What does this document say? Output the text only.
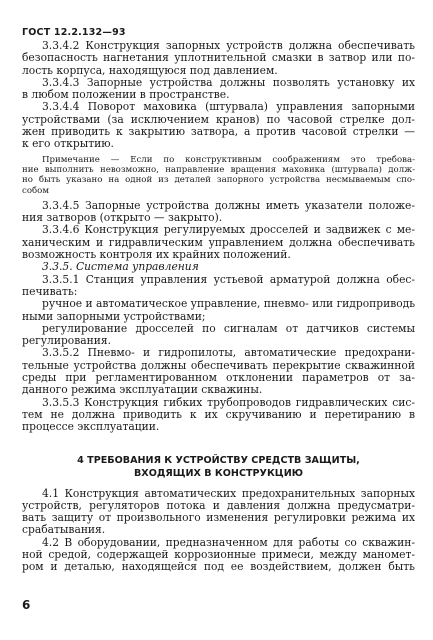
ГОСТ 12.2.132—93
3.3.4.2 Конструкция запорных устройств должна обеспечивать
безопасность нагнетания уплотнительной смазки в затвор или по-
лость корпуса, находящуюся под давлением.
3.3.4.3 Запорные устройства должны позволять установку их
в любом положении в пространстве.
3.3.4.4 Поворот маховика (штурвала) управления запорными
устройствами (за исключением кранов) по часовой стрелке дол-
жен приводить к закрытию затвора, а против часовой стрелки —
к его открытию.
Примечание — Если по конструктивным соображениям это требова-
ние выполнить невозможно, направление вращения маховика (штурвала) долж-
но быть указано на одной из деталей запорного устройства несмываемым спо-
собом
3.3.4.5 Запорные устройства должны иметь указатели положе-
ния затворов (открыто — закрыто).
3.3.4.6 Конструкция регулируемых дросселей и задвижек с ме-
ханическим и гидравлическим управлением должна обеспечивать
возможность контроля их крайних положений.
3.3.5. Система управления
3.3.5.1 Станция управления устьевой арматурой должна обес-
печивать:
ручное и автоматическое управление, пневмо- или гидроприводь
ными запорными устройствами;
регулирование дросселей по сигналам от датчиков системы
регулирования.
3.3.5.2 Пневмо- и гидропилоты, автоматические предохрани-
тельные устройства должны обеспечивать перекрытие скважинной
среды при регламентированном отклонении параметров от за-
данного режима эксплуатации скважины.
3.3.5.3 Конструкция гибких трубопроводов гидравлических сис-
тем не должна приводить к их скручиванию и перетиранию в
процессе эксплуатации.
4 ТРЕБОВАНИЯ К УСТРОЙСТВУ СРЕДСТВ ЗАЩИТЫ,
ВХОДЯЩИХ В КОНСТРУКЦИЮ
4.1 Конструкция автоматических предохранительных запорных
устройств, регуляторов потока и давления должна предусматри-
вать защиту от произвольного изменения регулировки режима их
срабатывания.
4.2 В оборудовании, предназначенном для работы со скважин-
ной средой, содержащей коррозионные примеси, между маномет-
ром и деталью, находящейся под ее воздействием, должен быть
6
